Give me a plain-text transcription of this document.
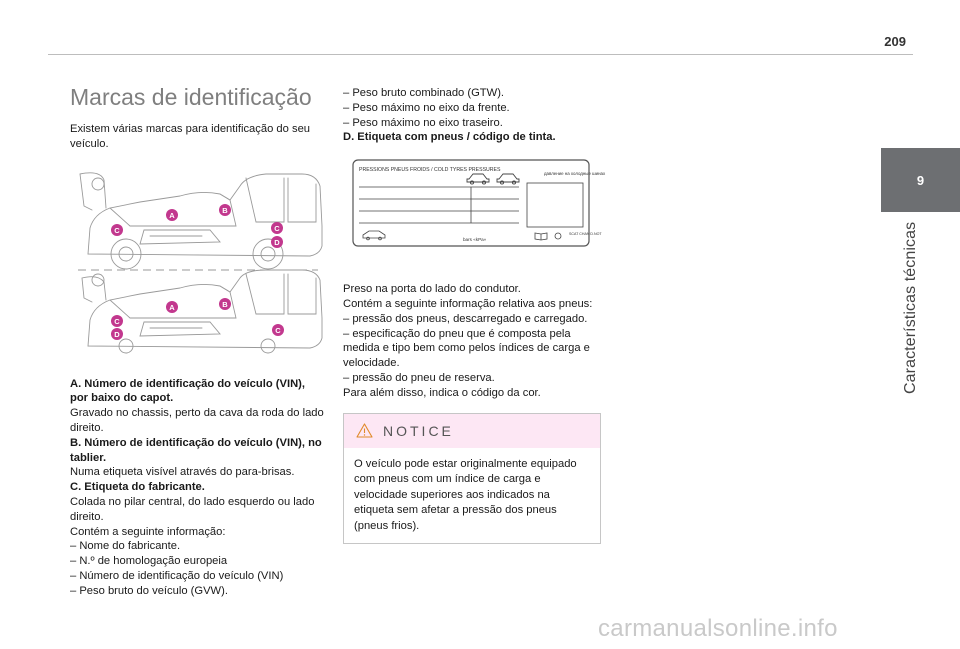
209
9
Características técnicas
Marcas de identificação
Existem várias marcas para identificação do seu veículo.
A
B
C	C
D
A	B
C
D	C
A. Número de identificação do veículo (VIN), por baixo do capot.
Gravado no chassis, perto da cava da roda do lado direito.
B. Número de identificação do veículo (VIN), no tablier.
Numa etiqueta visível através do para-brisas.
C. Etiqueta do fabricante.
Colada no pilar central, do lado esquerdo ou lado direito.
Contém a seguinte informação:
– Nome do fabricante.
– N.º de homologação europeia
– Número de identificação do veículo (VIN)
– Peso bruto do veículo (GVW).
– Peso bruto combinado (GTW).
– Peso máximo no eixo da frente.
– Peso máximo no eixo traseiro.
D. Etiqueta com pneus / código de tinta.
PRESSIONS PNEUS FROIDS / COLD TYRES PRESSURES
давление на холодные шинах
bars «kPa»
SCAT CHAN D.NOT
Preso na porta do lado do condutor.
Contém a seguinte informação relativa aos pneus:
– pressão dos pneus, descarregado e carregado.
– especificação do pneu que é composta pela medida e tipo bem como pelos índices de carga e velocidade.
– pressão do pneu de reserva.
Para além disso, indica o código da cor.
NOTICE
O veículo pode estar originalmente equipado com pneus com um índice de carga e velocidade superiores aos indicados na etiqueta sem afetar a pressão dos pneus (pneus frios).
carmanualsonline.info
